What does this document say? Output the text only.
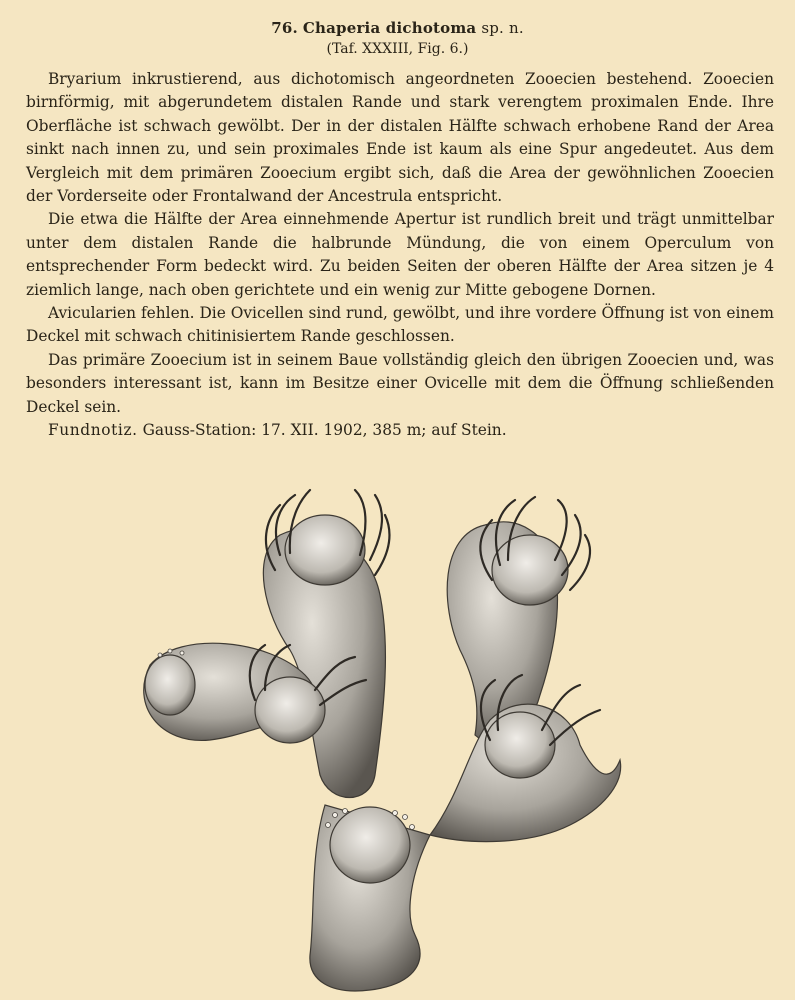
76. Chaperia dichotoma sp. n.
(Taf. XXXIII, Fig. 6.)

Bryarium inkrustierend, aus dichotomisch angeordneten Zooecien bestehend. Zooecien birnförmig, mit abgerundetem distalen Rande und stark verengtem proximalen Ende. Ihre Oberfläche ist schwach gewölbt. Der in der distalen Hälfte schwach erhobene Rand der Area sinkt nach innen zu, und sein proximales Ende ist kaum als eine Spur angedeutet. Aus dem Vergleich mit dem primären Zooecium ergibt sich, daß die Area der gewöhnlichen Zooecien der Vorderseite oder Frontalwand der Ancestrula entspricht.

Die etwa die Hälfte der Area einnehmende Apertur ist rundlich breit und trägt unmittelbar unter dem distalen Rande die halbrunde Mündung, die von einem Operculum von entsprechender Form bedeckt wird. Zu beiden Seiten der oberen Hälfte der Area sitzen je 4 ziemlich lange, nach oben gerichtete und ein wenig zur Mitte gebogene Dornen.

Avicularien fehlen. Die Ovicellen sind rund, gewölbt, und ihre vordere Öffnung ist von einem Deckel mit schwach chitinisiertem Rande geschlossen.

Das primäre Zooecium ist in seinem Baue vollständig gleich den übrigen Zooecien und, was besonders interessant ist, kann im Besitze einer Ovicelle mit dem die Öffnung schließenden Deckel sein.

Fundnotiz. Gauss-Station: 17. XII. 1902, 385 m; auf Stein.
